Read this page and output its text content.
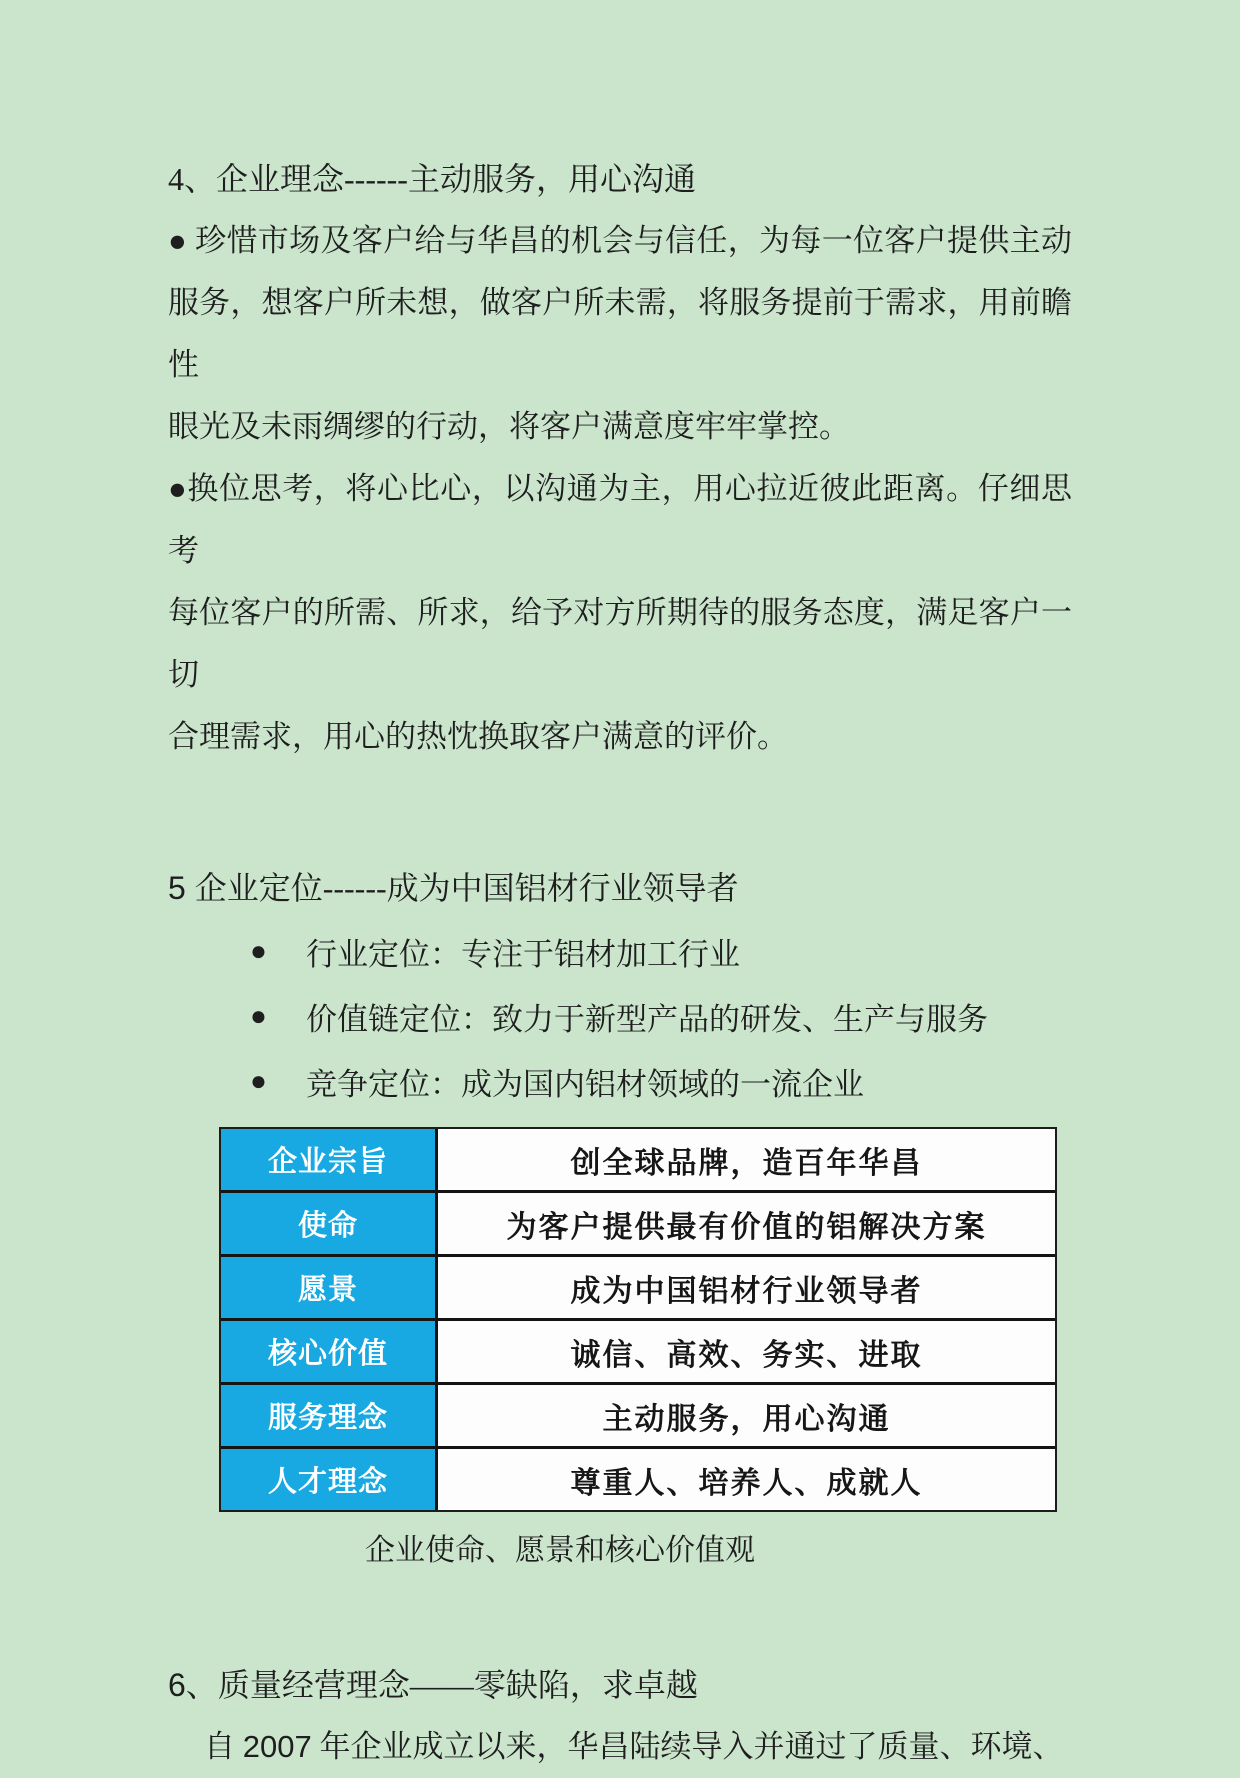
4、企业理念------主动服务，用心沟通
● 珍惜市场及客户给与华昌的机会与信任，为每一位客户提供主动
服务，想客户所未想，做客户所未需，将服务提前于需求，用前瞻性
眼光及未雨绸缪的行动，将客户满意度牢牢掌控。
●换位思考，将心比心，以沟通为主，用心拉近彼此距离。仔细思考
每位客户的所需、所求，给予对方所期待的服务态度，满足客户一切
合理需求，用心的热忱换取客户满意的评价。
5 企业定位------成为中国铝材行业领导者
●	行业定位：专注于铝材加工行业
●	价值链定位：致力于新型产品的研发、生产与服务
●	竞争定位：成为国内铝材领域的一流企业
企业宗旨	创全球品牌，造百年华昌
使命	为客户提供最有价值的铝解决方案
愿景	成为中国铝材行业领导者
核心价值	诚信、高效、务实、进取
服务理念	主动服务，用心沟通
人才理念	尊重人、培养人、成就人
企业使命、愿景和核心价值观
6、质量经营理念——零缺陷，求卓越
自 2007 年企业成立以来，华昌陆续导入并通过了质量、环境、
